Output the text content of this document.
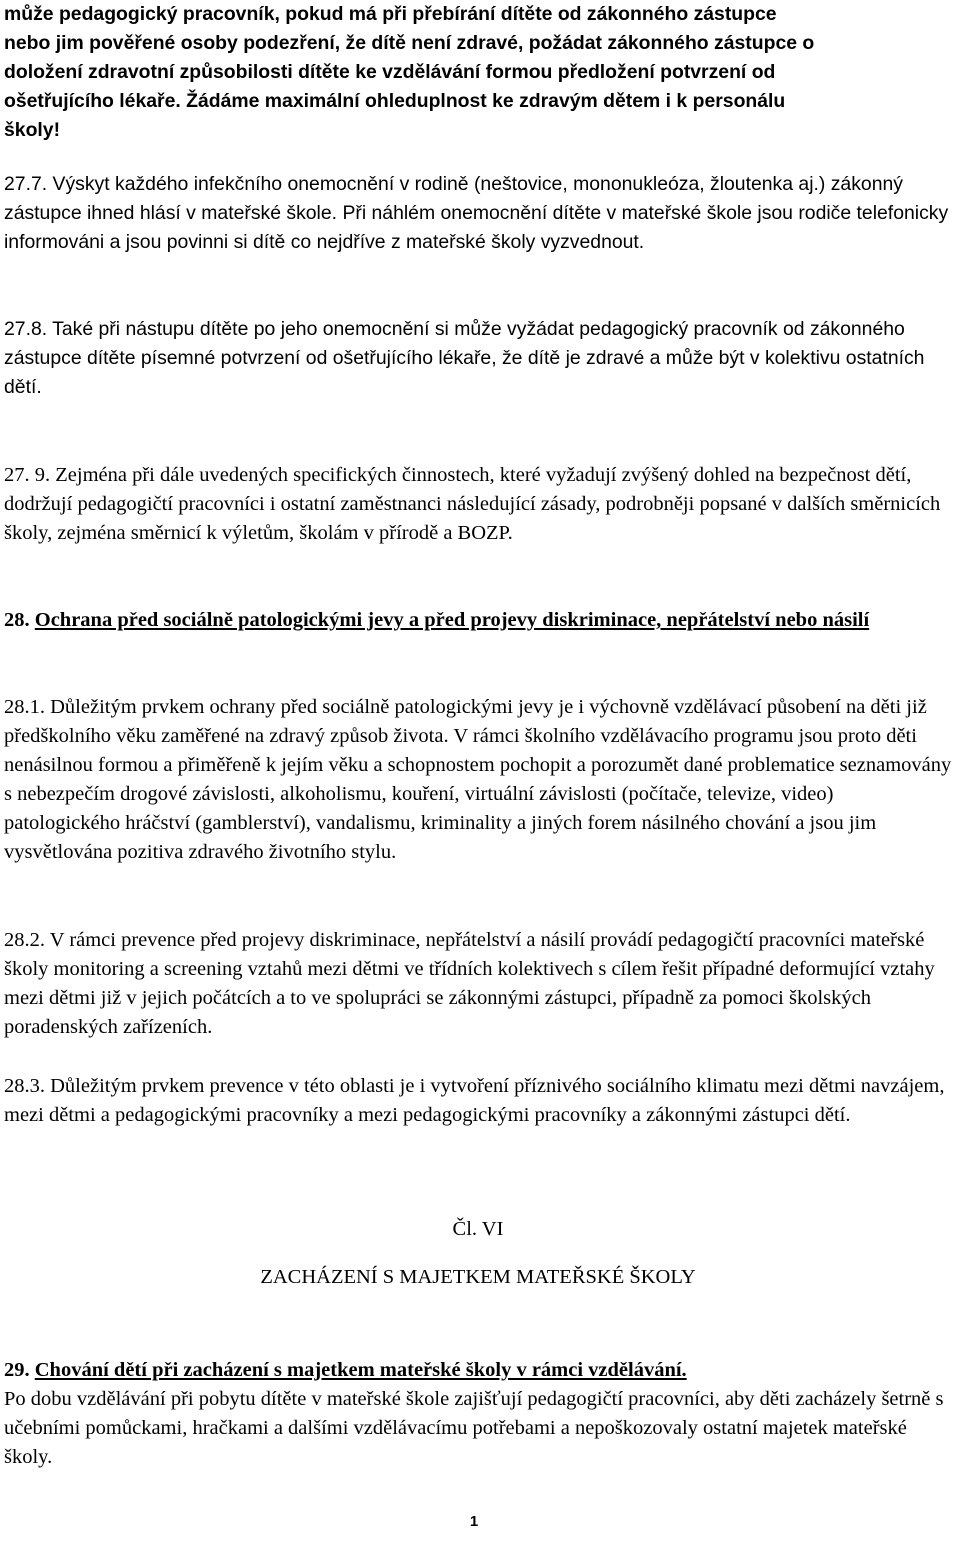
může pedagogický pracovník, pokud má při přebírání dítěte od zákonného zástupce
nebo jim pověřené osoby podezření, že dítě není zdravé, požádat zákonného zástupce o
doložení zdravotní způsobilosti dítěte ke vzdělávání formou předložení potvrzení od
ošetřujícího lékaře. Žádáme maximální ohleduplnost ke zdravým dětem i k personálu
školy!
27.7. Výskyt každého infekčního onemocnění v rodině (neštovice, mononukleóza, žloutenka aj.) zákonný zástupce ihned hlásí v mateřské škole. Při náhlém onemocnění dítěte v mateřské škole jsou rodiče telefonicky informováni a jsou povinni si dítě co nejdříve z mateřské školy vyzvednout.
27.8. Také při nástupu dítěte po jeho onemocnění si může vyžádat pedagogický pracovník od zákonného zástupce dítěte písemné potvrzení od ošetřujícího lékaře, že dítě je zdravé a může být v kolektivu ostatních dětí.
27. 9. Zejména při dále uvedených specifických činnostech, které vyžadují zvýšený dohled na bezpečnost dětí, dodržují pedagogičtí pracovníci i ostatní zaměstnanci následující zásady, podrobněji popsané v dalších směrnicích školy, zejména směrnicí k výletům, školám v přírodě a BOZP.
28. Ochrana před sociálně patologickými jevy a před projevy diskriminace, nepřátelství nebo násilí
28.1. Důležitým prvkem ochrany před sociálně patologickými jevy je i výchovně vzdělávací působení na děti již předškolního věku zaměřené na zdravý způsob života. V rámci školního vzdělávacího programu jsou proto děti nenásilnou formou a přiměřeně k jejím věku a schopnostem pochopit a porozumět dané problematice seznamovány s nebezpečím drogové závislosti, alkoholismu, kouření, virtuální závislosti (počítače, televize, video) patologického hráčství (gamblerství), vandalismu, kriminality a jiných forem násilného chování a jsou jim vysvětlována pozitiva zdravého životního stylu.
28.2. V rámci prevence před projevy diskriminace, nepřátelství a násilí provádí pedagogičtí pracovníci mateřské školy monitoring a screening vztahů mezi dětmi ve třídních kolektivech s cílem řešit případné deformující vztahy mezi dětmi již v jejich počátcích a to ve spolupráci se zákonnými zástupci, případně za pomoci školských poradenských zařízeních.
28.3. Důležitým prvkem prevence v této oblasti je i vytvoření příznivého sociálního klimatu mezi dětmi navzájem, mezi dětmi a pedagogickými pracovníky a mezi pedagogickými pracovníky a zákonnými zástupci dětí.
Čl. VI
ZACHÁZENÍ S MAJETKEM MATEŘSKÉ ŠKOLY
29. Chování dětí při zacházení s majetkem mateřské školy v rámci vzdělávání.
Po dobu vzdělávání při pobytu dítěte v mateřské škole zajišťují pedagogičtí pracovníci, aby děti zacházely šetrně s učebními pomůckami, hračkami a dalšími vzdělávacímu potřebami a nepoškozovaly ostatní majetek mateřské školy.
1
